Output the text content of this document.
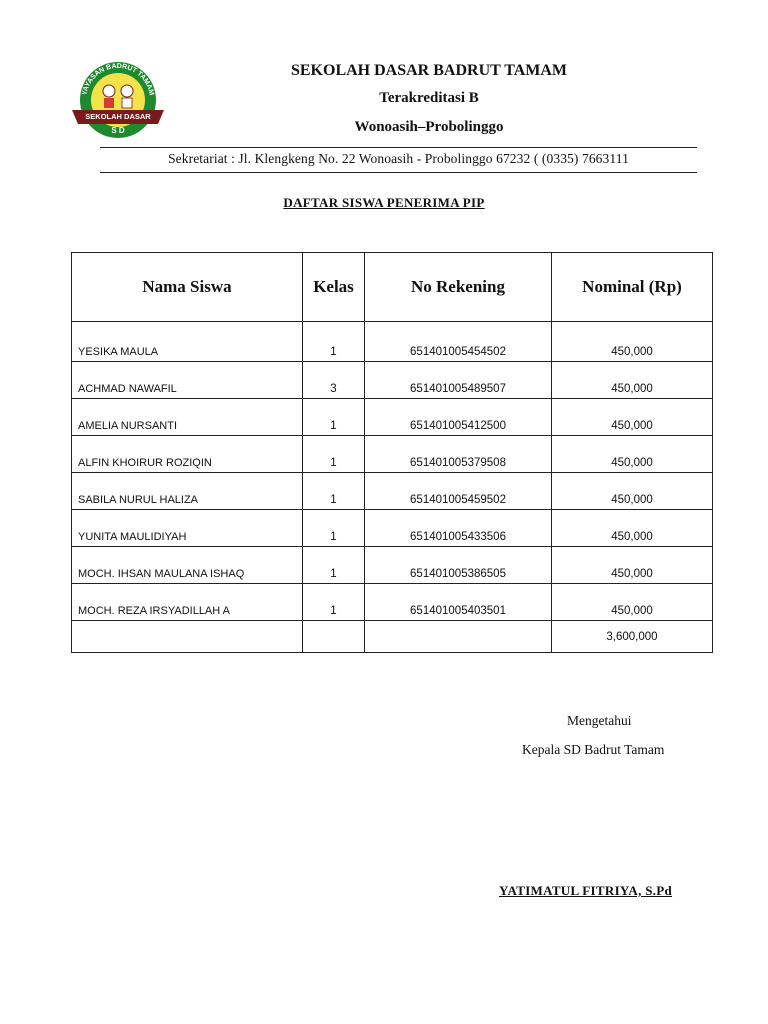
YAYASAN BADRUT TAMAM
SEKOLAH DASAR
S D
SEKOLAH DASAR BADRUT TAMAM
Terakreditasi B
Wonoasih–Probolinggo
Sekretariat : Jl. Klengkeng No. 22 Wonoasih - Probolinggo 67232 ( (0335) 7663111
DAFTAR SISWA PENERIMA PIP
Nama Siswa	Kelas	No Rekening	Nominal (Rp)
YESIKA MAULA	1	651401005454502	450,000
ACHMAD NAWAFIL	3	651401005489507	450,000
AMELIA NURSANTI	1	651401005412500	450,000
ALFIN KHOIRUR ROZIQIN	1	651401005379508	450,000
SABILA NURUL HALIZA	1	651401005459502	450,000
YUNITA MAULIDIYAH	1	651401005433506	450,000
MOCH. IHSAN MAULANA ISHAQ	1	651401005386505	450,000
MOCH. REZA IRSYADILLAH A	1	651401005403501	450,000
			3,600,000
Mengetahui
Kepala SD Badrut Tamam
YATIMATUL FITRIYA, S.Pd
